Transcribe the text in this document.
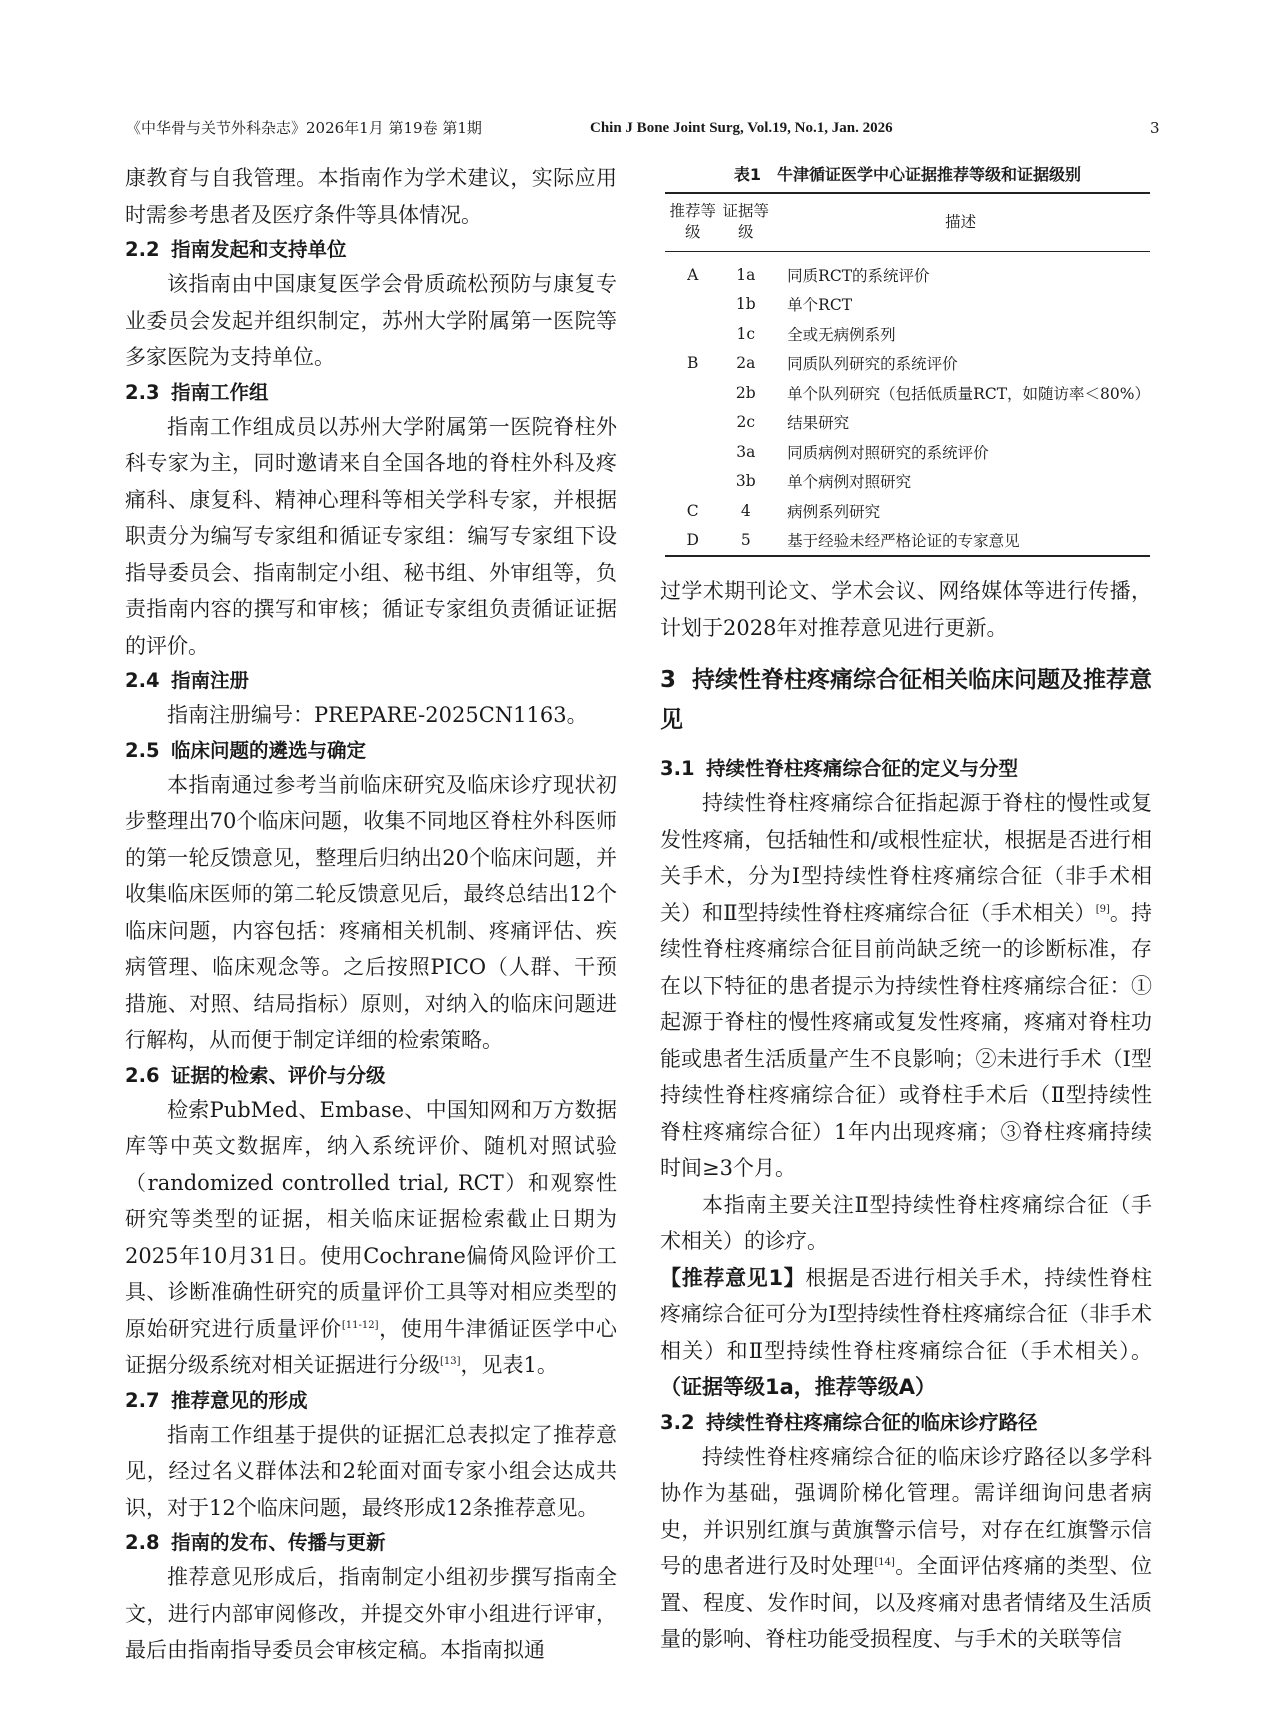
《中华骨与关节外科杂志》2026年1月 第19卷 第1期	Chin J Bone Joint Surg, Vol.19, No.1, Jan. 2026	3

康教育与自我管理。本指南作为学术建议，实际应用时需参考患者及医疗条件等具体情况。

2.2 指南发起和支持单位

该指南由中国康复医学会骨质疏松预防与康复专业委员会发起并组织制定，苏州大学附属第一医院等多家医院为支持单位。

2.3 指南工作组

指南工作组成员以苏州大学附属第一医院脊柱外科专家为主，同时邀请来自全国各地的脊柱外科及疼痛科、康复科、精神心理科等相关学科专家，并根据职责分为编写专家组和循证专家组：编写专家组下设指导委员会、指南制定小组、秘书组、外审组等，负责指南内容的撰写和审核；循证专家组负责循证证据的评价。

2.4 指南注册

指南注册编号：PREPARE-2025CN1163。

2.5 临床问题的遴选与确定

本指南通过参考当前临床研究及临床诊疗现状初步整理出70个临床问题，收集不同地区脊柱外科医师的第一轮反馈意见，整理后归纳出20个临床问题，并收集临床医师的第二轮反馈意见后，最终总结出12个临床问题，内容包括：疼痛相关机制、疼痛评估、疾病管理、临床观念等。之后按照PICO（人群、干预措施、对照、结局指标）原则，对纳入的临床问题进行解构，从而便于制定详细的检索策略。

2.6 证据的检索、评价与分级

检索PubMed、Embase、中国知网和万方数据库等中英文数据库，纳入系统评价、随机对照试验（randomized controlled trial, RCT）和观察性研究等类型的证据，相关临床证据检索截止日期为2025年10月31日。使用Cochrane偏倚风险评价工具、诊断准确性研究的质量评价工具等对相应类型的原始研究进行质量评价[11-12]，使用牛津循证医学中心证据分级系统对相关证据进行分级[13]，见表1。

2.7 推荐意见的形成

指南工作组基于提供的证据汇总表拟定了推荐意见，经过名义群体法和2轮面对面专家小组会达成共识，对于12个临床问题，最终形成12条推荐意见。

2.8 指南的发布、传播与更新

推荐意见形成后，指南制定小组初步撰写指南全文，进行内部审阅修改，并提交外审小组进行评审，最后由指南指导委员会审核定稿。本指南拟通

表1　牛津循证医学中心证据推荐等级和证据级别
推荐等级	证据等级	描述

A	1a	同质RCT的系统评价
	1b	单个RCT
	1c	全或无病例系列
B	2a	同质队列研究的系统评价
	2b	单个队列研究（包括低质量RCT，如随访率＜80%）
	2c	结果研究
	3a	同质病例对照研究的系统评价
	3b	单个病例对照研究
C	4	病例系列研究
D	5	基于经验未经严格论证的专家意见

过学术期刊论文、学术会议、网络媒体等进行传播，计划于2028年对推荐意见进行更新。

3 持续性脊柱疼痛综合征相关临床问题及推荐意见
3.1 持续性脊柱疼痛综合征的定义与分型

持续性脊柱疼痛综合征指起源于脊柱的慢性或复发性疼痛，包括轴性和/或根性症状，根据是否进行相关手术，分为Ⅰ型持续性脊柱疼痛综合征（非手术相关）和Ⅱ型持续性脊柱疼痛综合征（手术相关）[9]。持续性脊柱疼痛综合征目前尚缺乏统一的诊断标准，存在以下特征的患者提示为持续性脊柱疼痛综合征：①起源于脊柱的慢性疼痛或复发性疼痛，疼痛对脊柱功能或患者生活质量产生不良影响；②未进行手术（Ⅰ型持续性脊柱疼痛综合征）或脊柱手术后（Ⅱ型持续性脊柱疼痛综合征）1年内出现疼痛；③脊柱疼痛持续时间≥3个月。

本指南主要关注Ⅱ型持续性脊柱疼痛综合征（手术相关）的诊疗。

【推荐意见1】根据是否进行相关手术，持续性脊柱疼痛综合征可分为Ⅰ型持续性脊柱疼痛综合征（非手术相关）和Ⅱ型持续性脊柱疼痛综合征（手术相关）。（证据等级1a，推荐等级A）

3.2 持续性脊柱疼痛综合征的临床诊疗路径

持续性脊柱疼痛综合征的临床诊疗路径以多学科协作为基础，强调阶梯化管理。需详细询问患者病史，并识别红旗与黄旗警示信号，对存在红旗警示信号的患者进行及时处理[14]。全面评估疼痛的类型、位置、程度、发作时间，以及疼痛对患者情绪及生活质量的影响、脊柱功能受损程度、与手术的关联等信
